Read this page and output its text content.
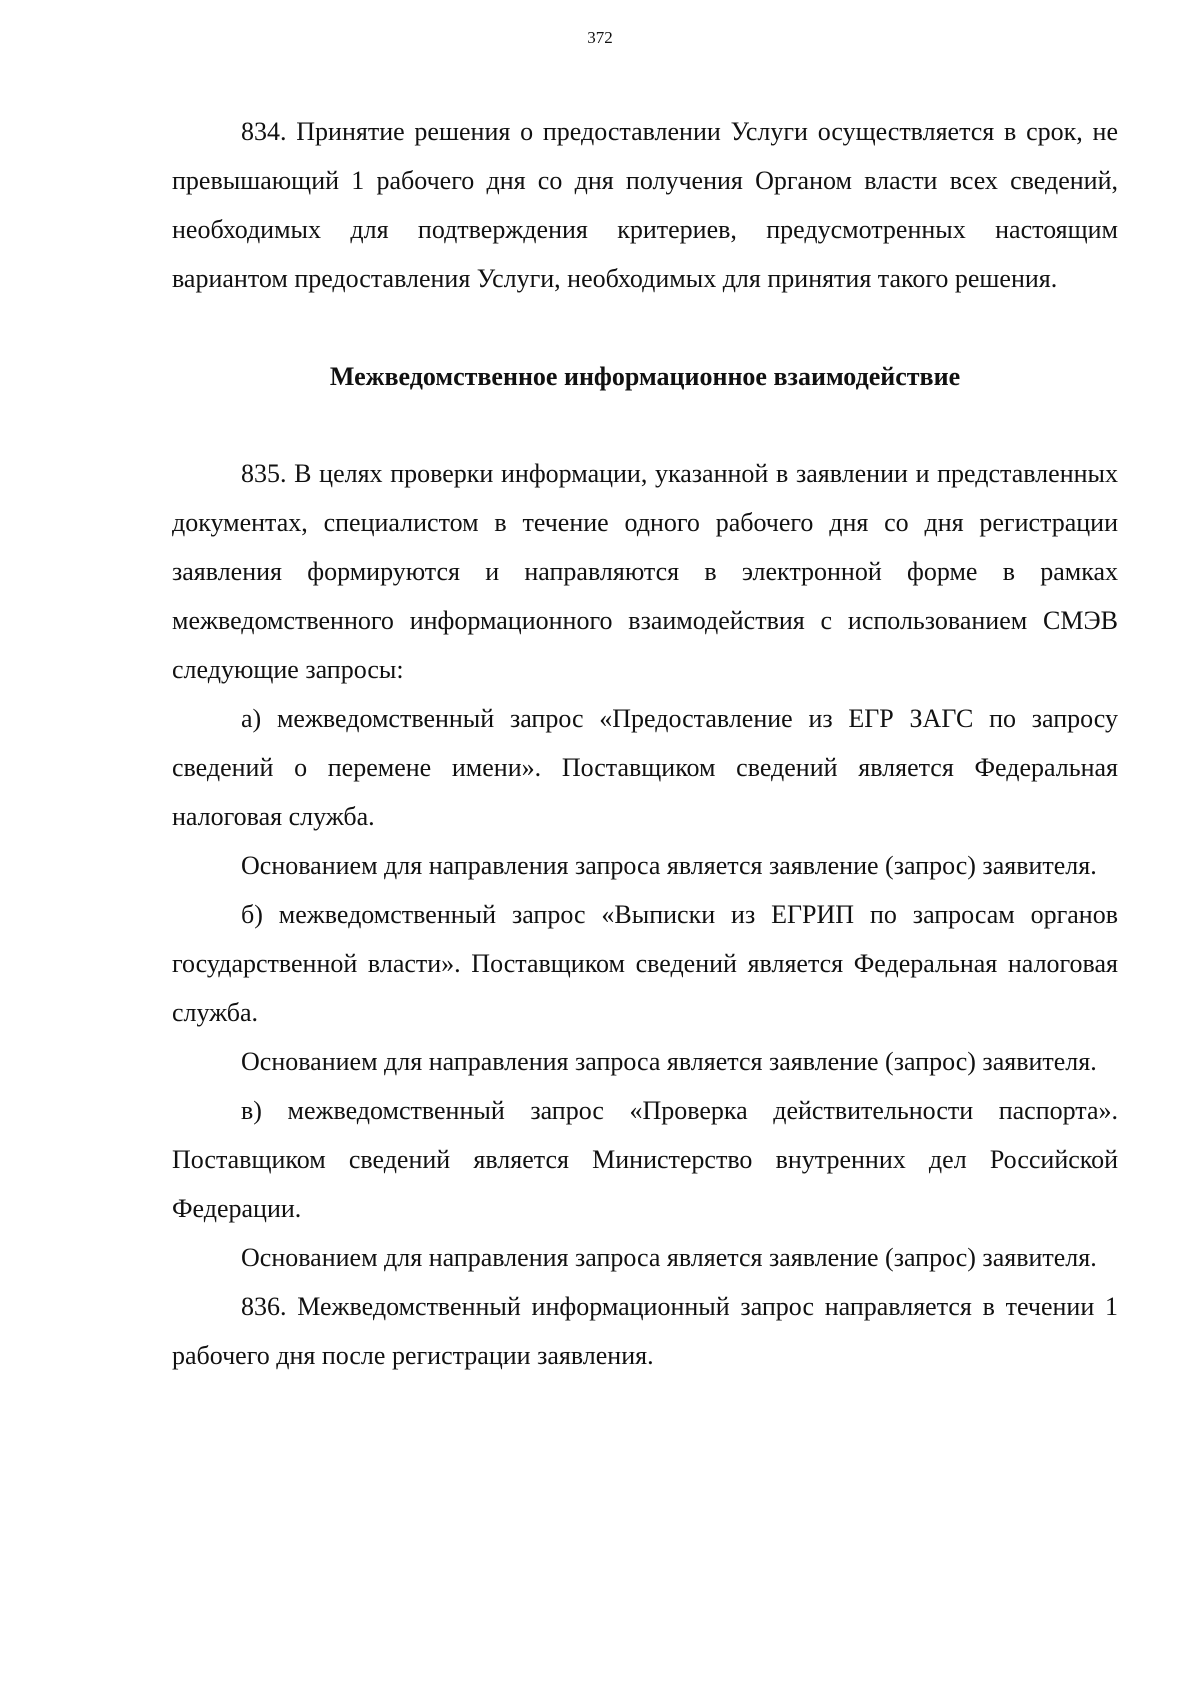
372

834. Принятие решения о предоставлении Услуги осуществляется в срок, не превышающий 1 рабочего дня со дня получения Органом власти всех сведений, необходимых для подтверждения критериев, предусмотренных настоящим вариантом предоставления Услуги, необходимых для принятия такого решения.

Межведомственное информационное взаимодействие

835. В целях проверки информации, указанной в заявлении и представленных документах, специалистом в течение одного рабочего дня со дня регистрации заявления формируются и направляются в электронной форме в рамках межведомственного информационного взаимодействия с использованием СМЭВ следующие запросы:

а) межведомственный запрос «Предоставление из ЕГР ЗАГС по запросу сведений о перемене имени». Поставщиком сведений является Федеральная налоговая служба.

Основанием для направления запроса является заявление (запрос) заявителя.

б) межведомственный запрос «Выписки из ЕГРИП по запросам органов государственной власти». Поставщиком сведений является Федеральная налоговая служба.

Основанием для направления запроса является заявление (запрос) заявителя.

в) межведомственный запрос «Проверка действительности паспорта». Поставщиком сведений является Министерство внутренних дел Российской Федерации.

Основанием для направления запроса является заявление (запрос) заявителя.

836. Межведомственный информационный запрос направляется в течении 1 рабочего дня после регистрации заявления.
